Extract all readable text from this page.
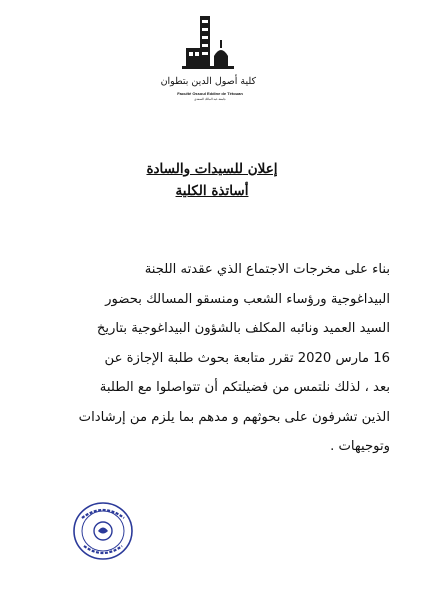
كلية أصول الدين بتطوان
Faculté Ossoul Eddine de Tétouan
جامعة عبد المالك السعدي
إعلان للسيدات والسادة
أساتذة الكلية
بناء على مخرجات الاجتماع الذي عقدته اللجنة
البيداغوجية ورؤساء الشعب ومنسقو المسالك بحضور
السيد العميد ونائبه المكلف بالشؤون البيداغوجية بتاريخ
16 مارس 2020 تقرر متابعة بحوث طلبة الإجازة عن
بعد ، لذلك نلتمس من فضيلتكم أن تتواصلوا مع الطلبة
الذين تشرفون على بحوثهم و مدهم بما يلزم من إرشادات
وتوجيهات .
